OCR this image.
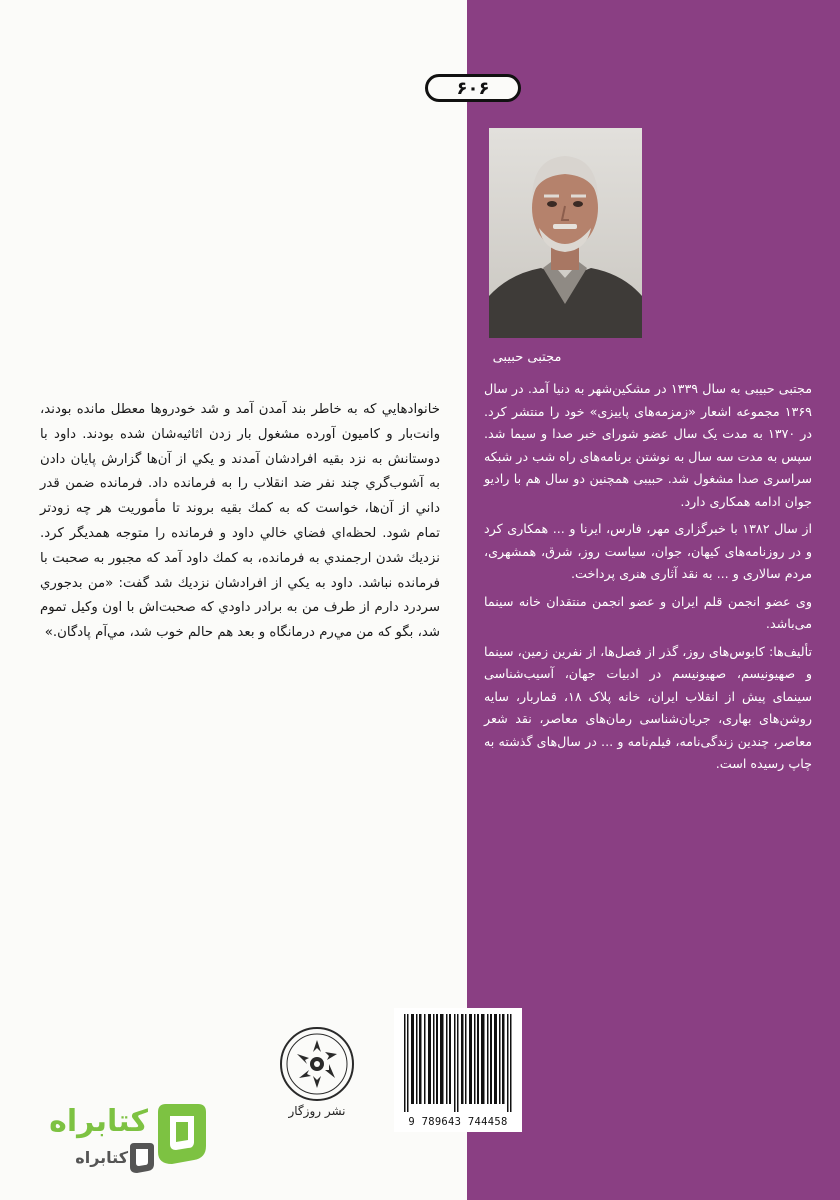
۶۰۶
مجتبی حبیبی

مجتبی حبیبی به سال ۱۳۳۹ در مشکین‌شهر به دنیا آمد. در سال ۱۳۶۹ مجموعه اشعار «زمزمه‌های پاییزی» خود را منتشر کرد. در ۱۳۷۰ به مدت یک سال عضو شورای خبر صدا و سیما شد. سپس به مدت سه سال به نوشتن برنامه‌های راه شب در شبکه سراسری صدا مشغول شد. حبیبی همچنین دو سال هم با رادیو جوان ادامه همکاری دارد.

از سال ۱۳۸۲ با خبرگزاری مهر، فارس، ایرنا و ... همکاری کرد و در روزنامه‌های کیهان، جوان، سیاست روز، شرق، همشهری، مردم سالاری و ... به نقد آثاری هنری پرداخت.

وی عضو انجمن قلم ایران و عضو انجمن منتقدان خانه سینما می‌باشد.

تألیف‌ها: کابوس‌های روز، گذر از فصل‌ها، از نفرین زمین، سینما و صهیونیسم، صهیونیسم در ادبیات جهان، آسیب‌شناسی سینمای پیش از انقلاب ایران، خانه پلاک ۱۸، قماربار، سایه روشن‌های بهاری، جریان‌شناسی رمان‌های معاصر، نقد شعر معاصر، چندین زندگی‌نامه، فیلم‌نامه و ... در سال‌های گذشته به چاپ رسیده است.

خانوادهايي كه به خاطر بند آمدن آمد و شد خودروها معطل مانده بودند، وانت‌بار و كاميون آورده مشغول بار زدن اثاثيه‌شان شده بودند. داود با دوستانش به نزد بقيه افرادشان آمدند و يكي از آن‌ها گزارش پايان دادن به آشوب‌گري چند نفر ضد انقلاب را به فرمانده داد. فرمانده ضمن قدر داني از آن‌ها، خواست كه به كمك بقيه بروند تا مأموريت هر چه زودتر تمام شود. لحظه‌اي فضاي خالي داود و فرمانده را متوجه همديگر كرد. نزديك شدن ارجمندي به فرمانده، به كمك داود آمد كه مجبور به صحبت با فرمانده نباشد. داود به يكي از افرادشان نزديك شد گفت: «من بدجوري سردرد دارم از طرف من به برادر داودي كه صحبت‌اش با اون وكيل تموم شد، بگو كه من مي‌رم درمانگاه و بعد هم حالم خوب شد، مي‌آم پادگان.»

نشر روزگار
9 789643 744458
کتابراه
کتابراه
